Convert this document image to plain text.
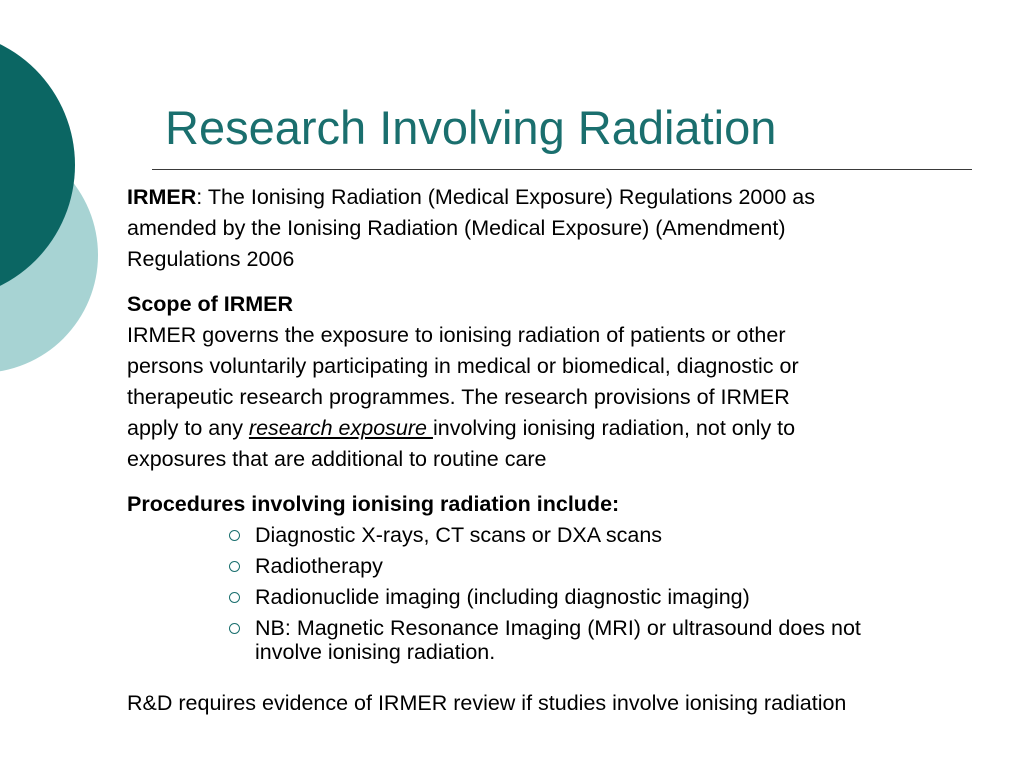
Research Involving Radiation

IRMER: The Ionising Radiation (Medical Exposure) Regulations 2000 as
amended by the Ionising Radiation (Medical Exposure) (Amendment)
Regulations 2006

Scope of IRMER

IRMER governs the exposure to ionising radiation of patients or other
persons voluntarily participating in medical or biomedical, diagnostic or
therapeutic research programmes. The research provisions of IRMER
apply to any research exposure involving ionising radiation, not only to
exposures that are additional to routine care

Procedures involving ionising radiation include:

Diagnostic X-rays, CT scans or DXA scans
Radiotherapy
Radionuclide imaging (including diagnostic imaging)
NB: Magnetic Resonance Imaging (MRI) or ultrasound does not
involve ionising radiation.

R&D requires evidence of IRMER review if studies involve ionising radiation
